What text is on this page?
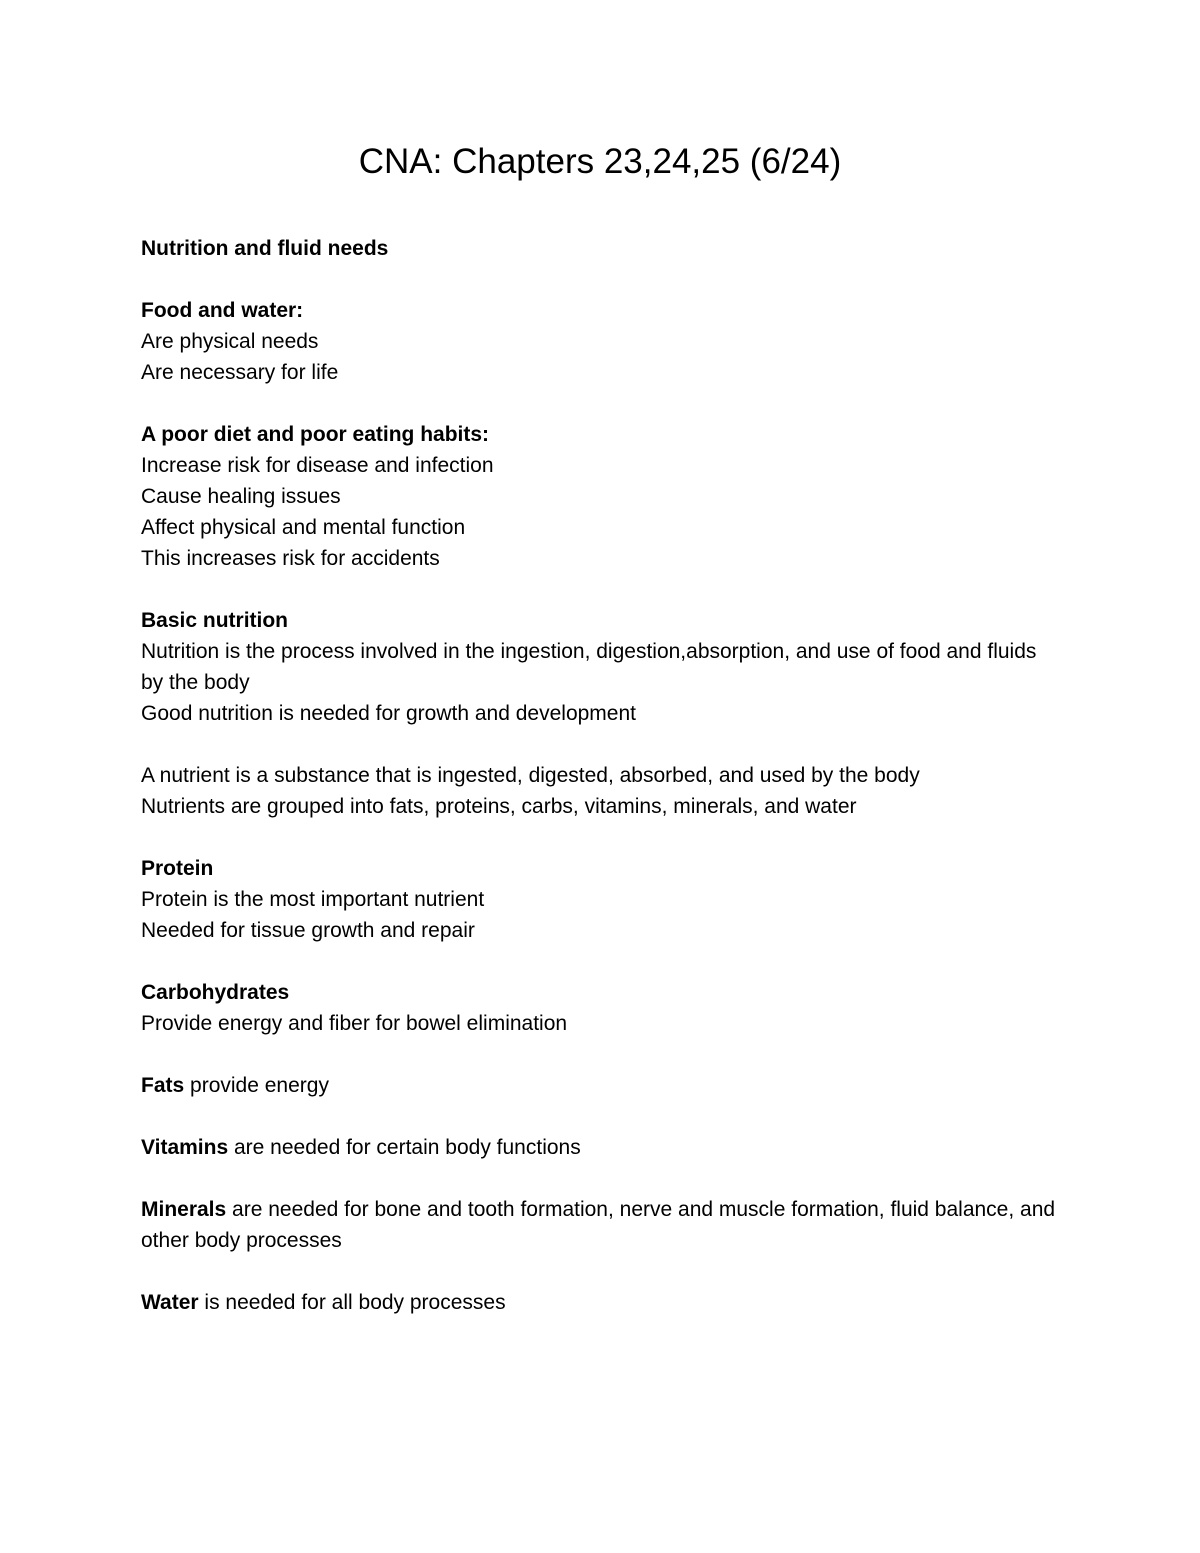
CNA: Chapters 23,24,25 (6/24)

Nutrition and fluid needs

Food and water:

Are physical needs

Are necessary for life

A poor diet and poor eating habits:

Increase risk for disease and infection

Cause healing issues

Affect physical and mental function

This increases risk for accidents

Basic nutrition

Nutrition is the process involved in the ingestion, digestion,absorption, and use of food and fluids by the body

Good nutrition is needed for growth and development

A nutrient is a substance that is ingested, digested, absorbed, and used by the body

Nutrients are grouped into fats, proteins, carbs, vitamins, minerals, and water

Protein

Protein is the most important nutrient

Needed for tissue growth and repair

Carbohydrates

Provide energy and fiber for bowel elimination

Fats provide energy

Vitamins are needed for certain body functions

Minerals are needed for bone and tooth formation, nerve and muscle formation, fluid balance, and other body processes

Water is needed for all body processes
